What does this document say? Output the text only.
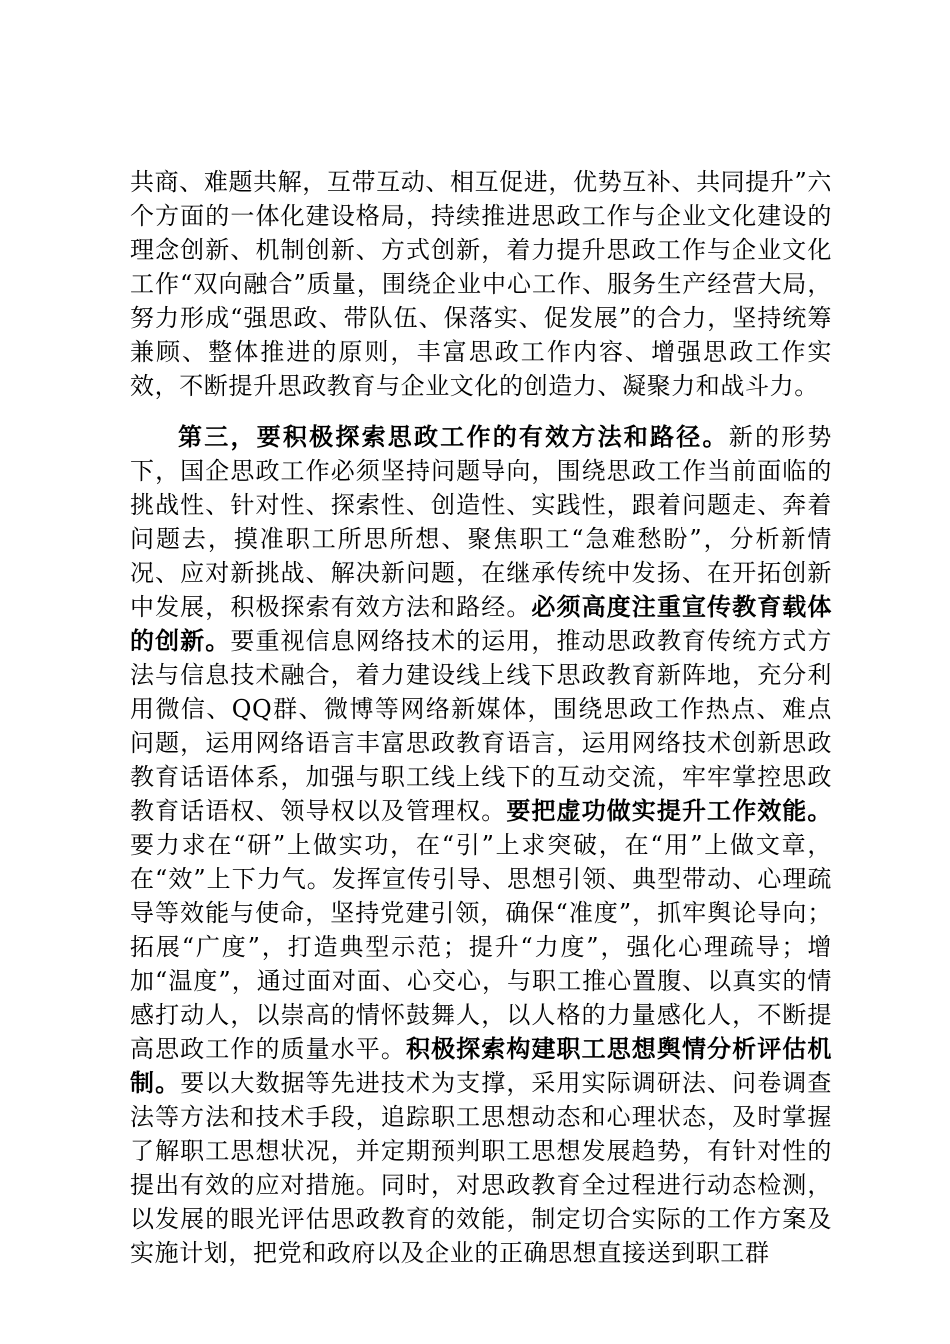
共商、难题共解，互带互动、相互促进，优势互补、共同提升”六个方面的一体化建设格局，持续推进思政工作与企业文化建设的理念创新、机制创新、方式创新，着力提升思政工作与企业文化工作“双向融合”质量，围绕企业中心工作、服务生产经营大局，努力形成“强思政、带队伍、保落实、促发展”的合力，坚持统筹兼顾、整体推进的原则，丰富思政工作内容、增强思政工作实效，不断提升思政教育与企业文化的创造力、凝聚力和战斗力。

第三，要积极探索思政工作的有效方法和路径。新的形势下，国企思政工作必须坚持问题导向，围绕思政工作当前面临的挑战性、针对性、探索性、创造性、实践性，跟着问题走、奔着问题去，摸准职工所思所想、聚焦职工“急难愁盼”，分析新情况、应对新挑战、解决新问题，在继承传统中发扬、在开拓创新中发展，积极探索有效方法和路经。必须高度注重宣传教育载体的创新。要重视信息网络技术的运用，推动思政教育传统方式方法与信息技术融合，着力建设线上线下思政教育新阵地，充分利用微信、QQ群、微博等网络新媒体，围绕思政工作热点、难点问题，运用网络语言丰富思政教育语言，运用网络技术创新思政教育话语体系，加强与职工线上线下的互动交流，牢牢掌控思政教育话语权、领导权以及管理权。要把虚功做实提升工作效能。要力求在“研”上做实功，在“引”上求突破，在“用”上做文章，在“效”上下力气。发挥宣传引导、思想引领、典型带动、心理疏导等效能与使命，坚持党建引领，确保“准度”，抓牢舆论导向；拓展“广度”，打造典型示范；提升“力度”，强化心理疏导；增加“温度”，通过面对面、心交心，与职工推心置腹、以真实的情感打动人，以崇高的情怀鼓舞人，以人格的力量感化人，不断提高思政工作的质量水平。积极探索构建职工思想舆情分析评估机制。要以大数据等先进技术为支撑，采用实际调研法、问卷调查法等方法和技术手段，追踪职工思想动态和心理状态，及时掌握了解职工思想状况，并定期预判职工思想发展趋势，有针对性的提出有效的应对措施。同时，对思政教育全过程进行动态检测，以发展的眼光评估思政教育的效能，制定切合实际的工作方案及实施计划，把党和政府以及企业的正确思想直接送到职工群
